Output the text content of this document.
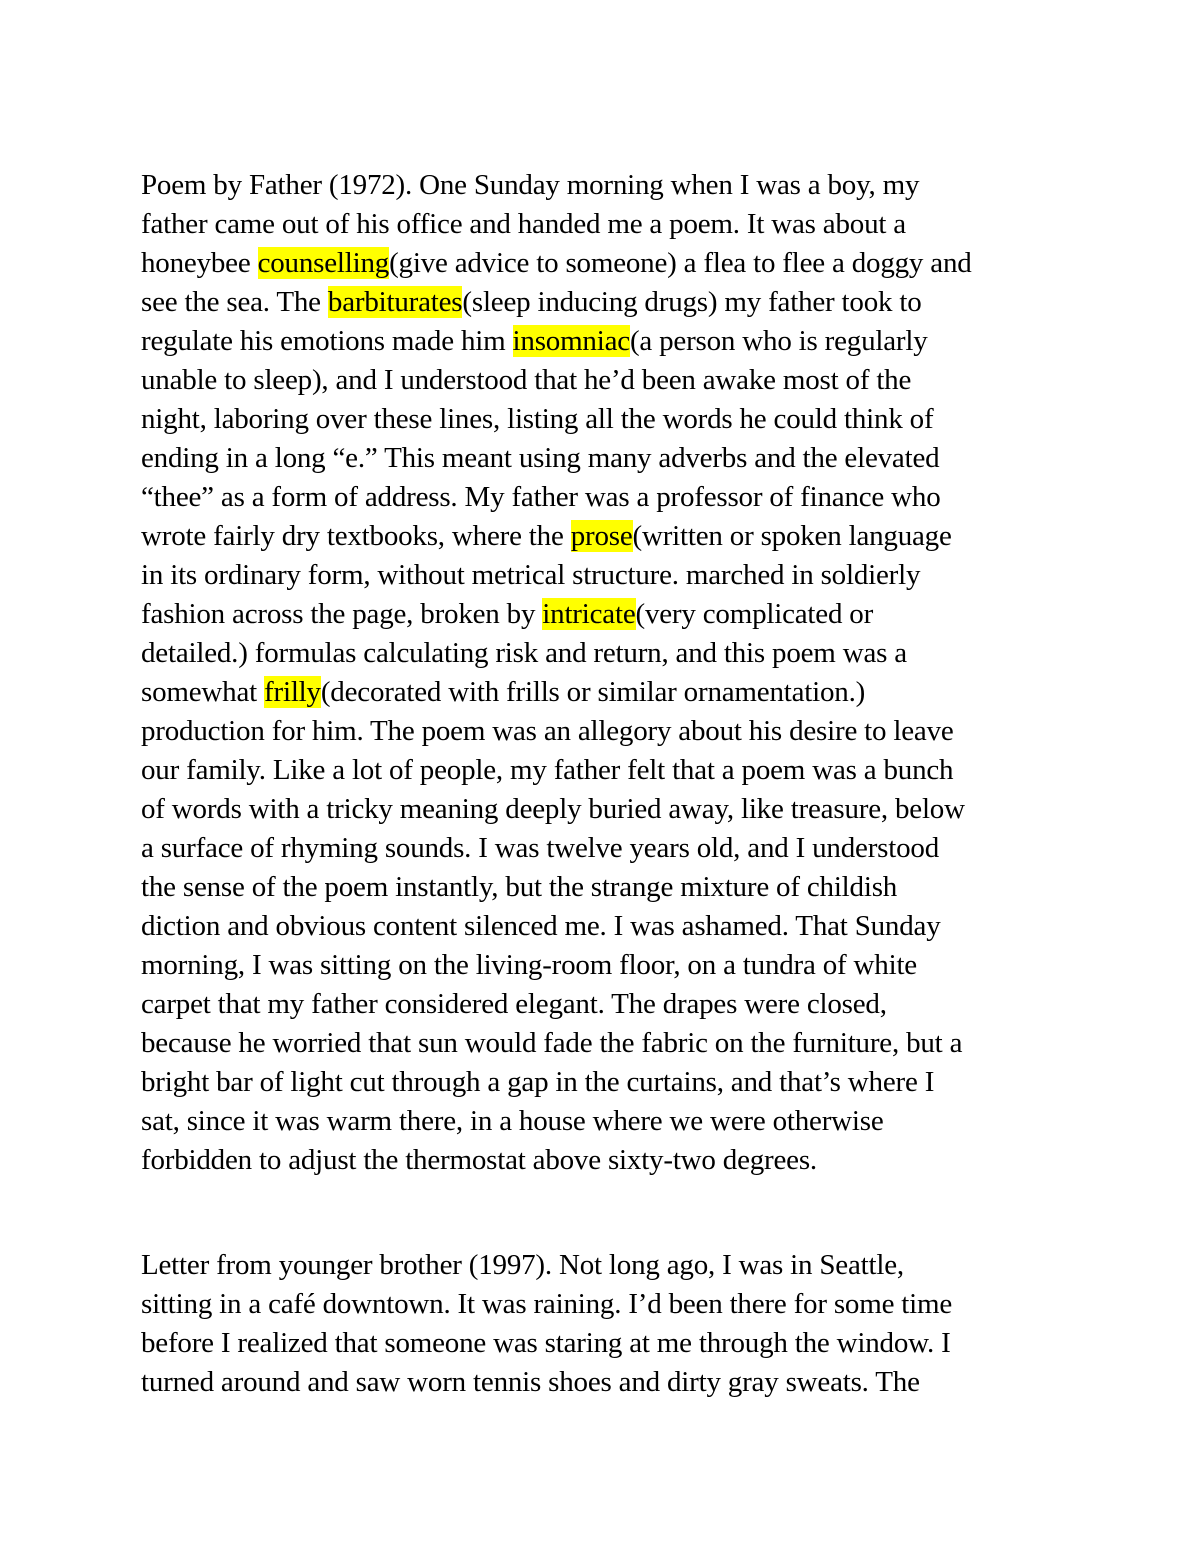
Poem by Father (1972). One Sunday morning when I was a boy, my
father came out of his office and handed me a poem. It was about a
honeybee counselling(give advice to someone) a flea to flee a doggy and
see the sea. The barbiturates(sleep inducing drugs) my father took to
regulate his emotions made him insomniac(a person who is regularly
unable to sleep), and I understood that he’d been awake most of the
night, laboring over these lines, listing all the words he could think of
ending in a long “e.” This meant using many adverbs and the elevated
“thee” as a form of address. My father was a professor of finance who
wrote fairly dry textbooks, where the prose(written or spoken language
in its ordinary form, without metrical structure. marched in soldierly
fashion across the page, broken by intricate(very complicated or
detailed.) formulas calculating risk and return, and this poem was a
somewhat frilly(decorated with frills or similar ornamentation.)
production for him. The poem was an allegory about his desire to leave
our family. Like a lot of people, my father felt that a poem was a bunch
of words with a tricky meaning deeply buried away, like treasure, below
a surface of rhyming sounds. I was twelve years old, and I understood
the sense of the poem instantly, but the strange mixture of childish
diction and obvious content silenced me. I was ashamed. That Sunday
morning, I was sitting on the living-room floor, on a tundra of white
carpet that my father considered elegant. The drapes were closed,
because he worried that sun would fade the fabric on the furniture, but a
bright bar of light cut through a gap in the curtains, and that’s where I
sat, since it was warm there, in a house where we were otherwise
forbidden to adjust the thermostat above sixty-two degrees.
Letter from younger brother (1997). Not long ago, I was in Seattle,
sitting in a café downtown. It was raining. I’d been there for some time
before I realized that someone was staring at me through the window. I
turned around and saw worn tennis shoes and dirty gray sweats. The
